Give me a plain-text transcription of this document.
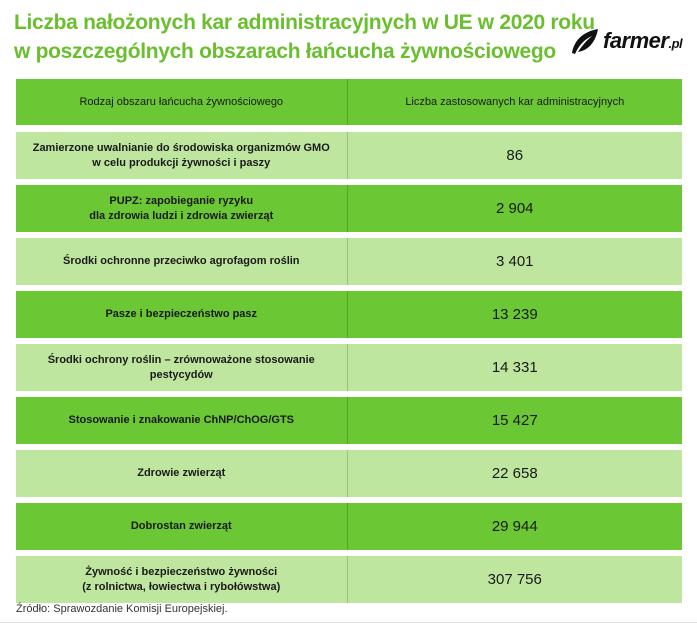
Liczba nałożonych kar administracyjnych w UE w 2020 roku
w poszczególnych obszarach łańcucha żywnościowego farmer.pl
Rodzaj obszaru łańcucha żywnościowego	Liczba zastosowanych kar administracyjnych
Zamierzone uwalnianie do środowiska organizmów GMO
w celu produkcji żywności i paszy	86
PUPZ: zapobieganie ryzyku
dla zdrowia ludzi i zdrowia zwierząt	2 904
Środki ochronne przeciwko agrofagom roślin	3 401
Pasze i bezpieczeństwo pasz	13 239
Środki ochrony roślin – zrównoważone stosowanie
pestycydów	14 331
Stosowanie i znakowanie ChNP/ChOG/GTS	15 427
Zdrowie zwierząt	22 658
Dobrostan zwierząt	29 944
Żywność i bezpieczeństwo żywności
(z rolnictwa, łowiectwa i rybołówstwa)	307 756
Źródło: Sprawozdanie Komisji Europejskiej.
